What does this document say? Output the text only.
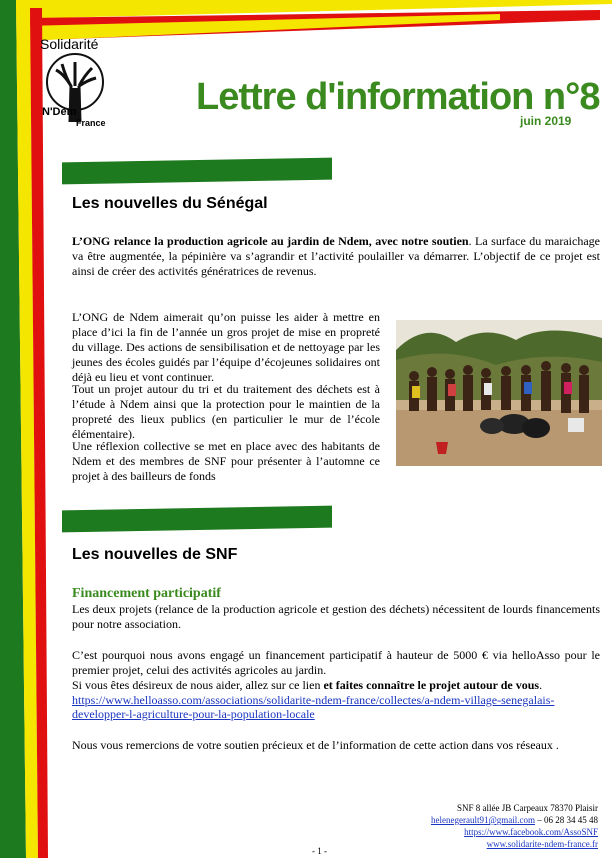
Solidarité
N'Dem
France
Lettre d'information n°8
juin 2019
Les nouvelles du Sénégal
L’ONG relance la production agricole au jardin de Ndem, avec notre soutien. La surface du maraichage va être augmentée, la pépinière va s’agrandir et l’activité poulailler va démarrer. L’objectif de ce projet est ainsi de créer des activités génératrices de revenus.
L’ONG de Ndem aimerait qu’on puisse les aider à mettre en place d’ici la fin de l’année un gros projet de mise en propreté du village. Des actions de sensibilisation et de nettoyage par les jeunes des écoles guidés par l’équipe d’écojeunes solidaires ont déjà eu lieu et vont continuer.
Tout un projet autour du tri et du traitement des déchets est à l’étude à Ndem ainsi que la protection pour le maintien de la propreté des lieux publics (en particulier le mur de l’école élémentaire).
Une réflexion collective se met en place avec des habitants de Ndem et des membres de SNF pour présenter à l’automne ce projet à des bailleurs de fonds
Les nouvelles de SNF
Financement participatif
Les deux projets (relance de la production agricole et gestion des déchets) nécessitent de lourds financements pour notre association.
C’est pourquoi nous avons engagé un financement participatif à hauteur de 5000 € via helloAsso pour le premier projet, celui des activités agricoles au jardin.
Si vous êtes désireux de nous aider, allez sur ce lien et faites connaître le projet autour de vous.
https://www.helloasso.com/associations/solidarite-ndem-france/collectes/a-ndem-village-senegalais-
developper-l-agriculture-pour-la-population-locale
Nous vous remercions de votre soutien précieux et de l’information de cette action dans vos réseaux .
SNF 8 allée JB Carpeaux 78370 Plaisir
helenegerault91@gmail.com – 06 28 34 45 48
https://www.facebook.com/AssoSNF
www.solidarite-ndem-france.fr
- 1 -
